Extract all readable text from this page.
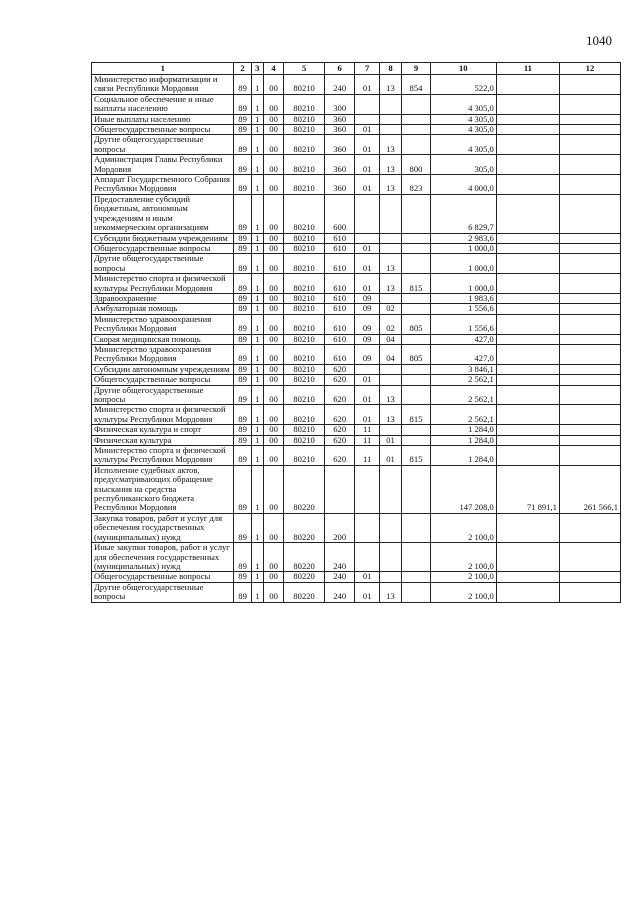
1040
1	2	3	4	5	6	7	8	9	10	11	12
Министерство информатизации и связи Республики Мордовия	89	1	00	80210	240	01	13	854	522,0		
Социальное обеспечение и иные выплаты населению	89	1	00	80210	300				4 305,0		
Иные выплаты населению	89	1	00	80210	360				4 305,0		
Общегосударственные вопросы	89	1	00	80210	360	01			4 305,0		
Другие общегосударственные вопросы	89	1	00	80210	360	01	13		4 305,0		
Администрация Главы Республики Мордовия	89	1	00	80210	360	01	13	800	305,0		
Аппарат Государственного Собрания Республики Мордовия	89	1	00	80210	360	01	13	823	4 000,0		
Предоставление субсидий бюджетным, автономным учреждениям и иным некоммерческим организациям	89	1	00	80210	600				6 829,7		
Субсидии бюджетным учреждениям	89	1	00	80210	610				2 983,6		
Общегосударственные вопросы	89	1	00	80210	610	01			1 000,0		
Другие общегосударственные вопросы	89	1	00	80210	610	01	13		1 000,0		
Министерство спорта и физической культуры Республики Мордовия	89	1	00	80210	610	01	13	815	1 000,0		
Здравоохранение	89	1	00	80210	610	09			1 983,6		
Амбулаторная помощь	89	1	00	80210	610	09	02		1 556,6		
Министерство здравоохранения Республики Мордовия	89	1	00	80210	610	09	02	805	1 556,6		
Скорая медицинская помощь	89	1	00	80210	610	09	04		427,0		
Министерство здравоохранения Республики Мордовия	89	1	00	80210	610	09	04	805	427,0		
Субсидии автономным учреждениям	89	1	00	80210	620				3 846,1		
Общегосударственные вопросы	89	1	00	80210	620	01			2 562,1		
Другие общегосударственные вопросы	89	1	00	80210	620	01	13		2 562,1		
Министерство спорта и физической культуры Республики Мордовия	89	1	00	80210	620	01	13	815	2 562,1		
Физическая культура и спорт	89	1	00	80210	620	11			1 284,0		
Физическая культура	89	1	00	80210	620	11	01		1 284,0		
Министерство спорта и физической культуры Республики Мордовия	89	1	00	80210	620	11	01	815	1 284,0		
Исполнение судебных актов, предусматривающих обращение взыскания на средства республиканского бюджета Республики Мордовия	89	1	00	80220					147 208,0	71 891,1	261 566,1
Закупка товаров, работ и услуг для обеспечения государственных (муниципальных) нужд	89	1	00	80220	200				2 100,0		
Иные закупки товаров, работ и услуг для обеспечения государственных (муниципальных) нужд	89	1	00	80220	240				2 100,0		
Общегосударственные вопросы	89	1	00	80220	240	01			2 100,0		
Другие общегосударственные вопросы	89	1	00	80220	240	01	13		2 100,0		
